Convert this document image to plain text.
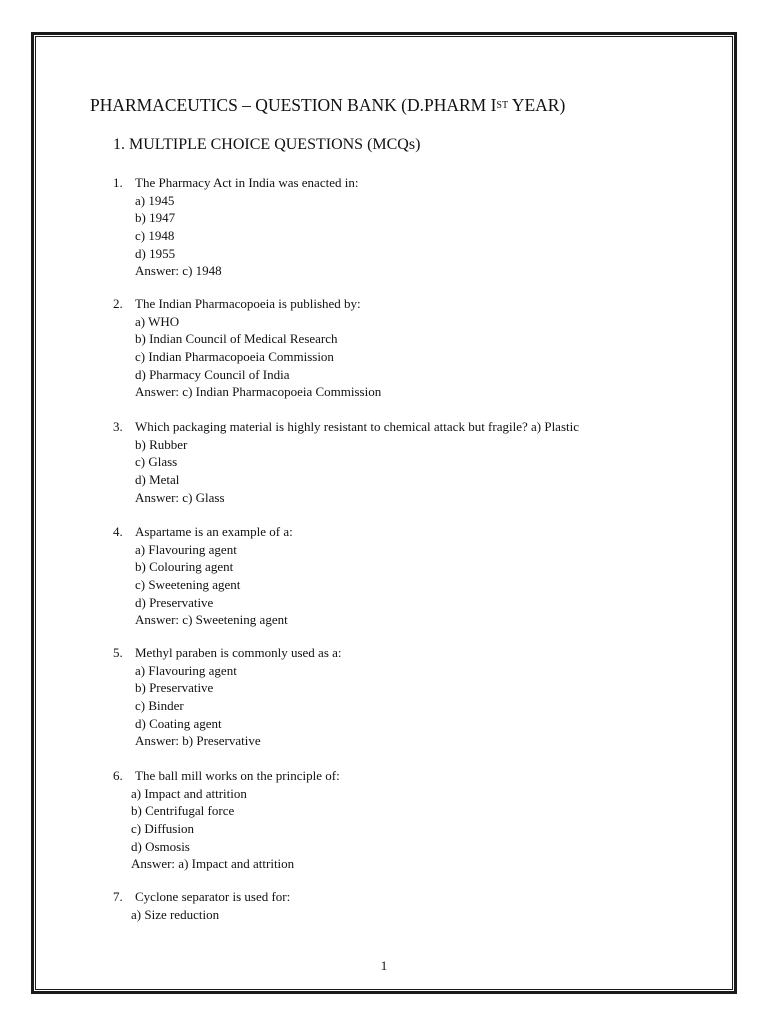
PHARMACEUTICS – QUESTION BANK (D.PHARM IST YEAR)
1. MULTIPLE CHOICE QUESTIONS (MCQs)
1. The Pharmacy Act in India was enacted in:
a) 1945
b) 1947
c) 1948
d) 1955
Answer: c) 1948
2. The Indian Pharmacopoeia is published by:
a) WHO
b) Indian Council of Medical Research
c) Indian Pharmacopoeia Commission
d) Pharmacy Council of India
Answer: c) Indian Pharmacopoeia Commission
3. Which packaging material is highly resistant to chemical attack but fragile? a) Plastic
b) Rubber
c) Glass
d) Metal
Answer: c) Glass
4. Aspartame is an example of a:
a) Flavouring agent
b) Colouring agent
c) Sweetening agent
d) Preservative
Answer: c) Sweetening agent
5. Methyl paraben is commonly used as a:
a) Flavouring agent
b) Preservative
c) Binder
d) Coating agent
Answer: b) Preservative
6. The ball mill works on the principle of:
a) Impact and attrition
b) Centrifugal force
c) Diffusion
d) Osmosis
Answer: a) Impact and attrition
7. Cyclone separator is used for:
a) Size reduction
1
